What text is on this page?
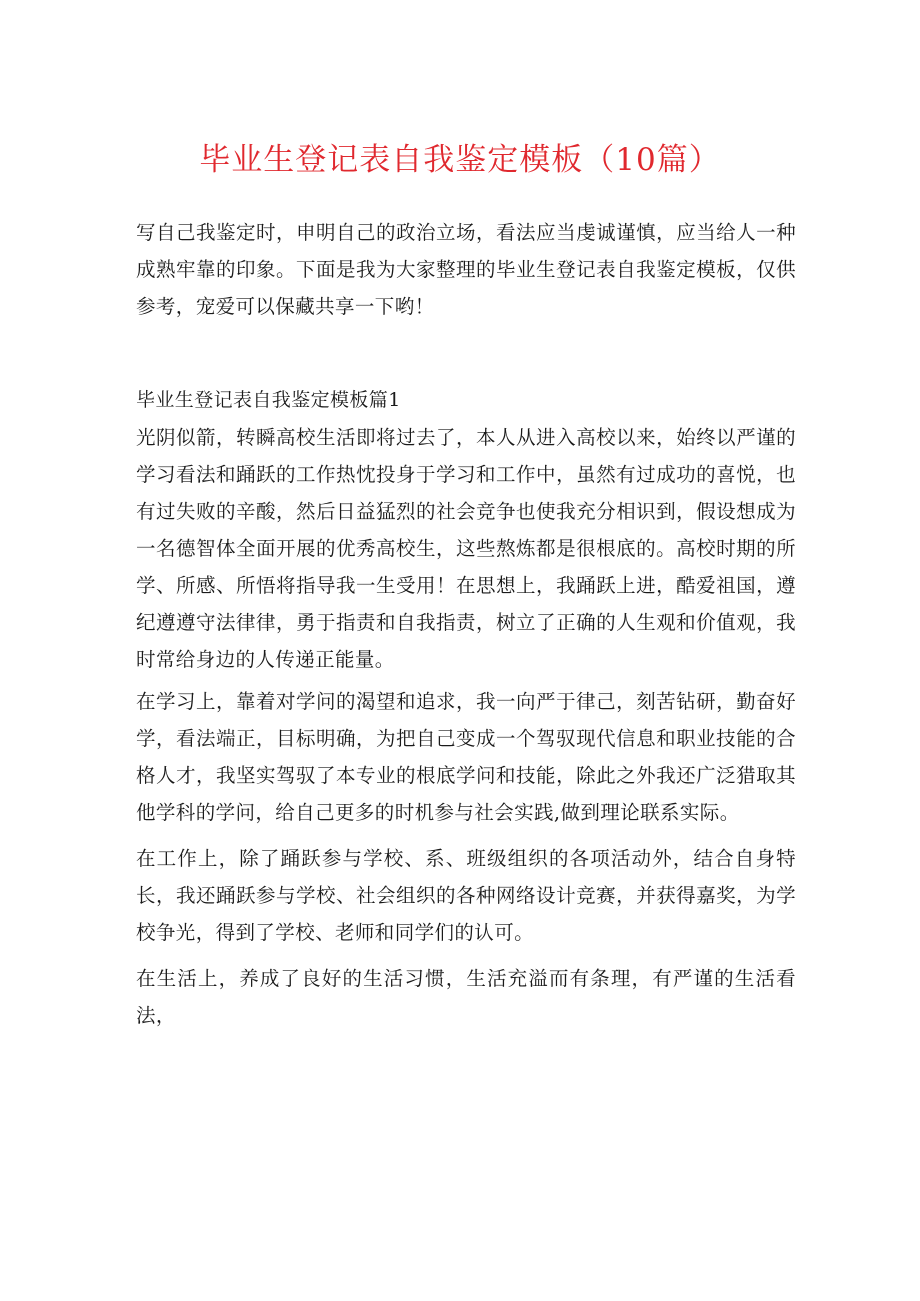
毕业生登记表自我鉴定模板（10篇）

写自己我鉴定时，申明自己的政治立场，看法应当虔诚谨慎，应当给人一种成熟牢靠的印象。下面是我为大家整理的毕业生登记表自我鉴定模板，仅供参考，宠爱可以保藏共享一下哟！

毕业生登记表自我鉴定模板篇1

光阴似箭，转瞬高校生活即将过去了，本人从进入高校以来，始终以严谨的学习看法和踊跃的工作热忱投身于学习和工作中，虽然有过成功的喜悦，也有过失败的辛酸，然后日益猛烈的社会竞争也使我充分相识到，假设想成为一名德智体全面开展的优秀高校生，这些熬炼都是很根底的。高校时期的所学、所感、所悟将指导我一生受用！在思想上，我踊跃上进，酷爱祖国，遵纪遵遵守法律律，勇于指责和自我指责，树立了正确的人生观和价值观，我时常给身边的人传递正能量。

在学习上，靠着对学问的渴望和追求，我一向严于律己，刻苦钻研，勤奋好学，看法端正，目标明确，为把自己变成一个驾驭现代信息和职业技能的合格人才，我坚实驾驭了本专业的根底学问和技能，除此之外我还广泛猎取其他学科的学问，给自己更多的时机参与社会实践,做到理论联系实际。

在工作上，除了踊跃参与学校、系、班级组织的各项活动外，结合自身特长，我还踊跃参与学校、社会组织的各种网络设计竞赛，并获得嘉奖，为学校争光，得到了学校、老师和同学们的认可。

在生活上，养成了良好的生活习惯，生活充溢而有条理，有严谨的生活看法，
